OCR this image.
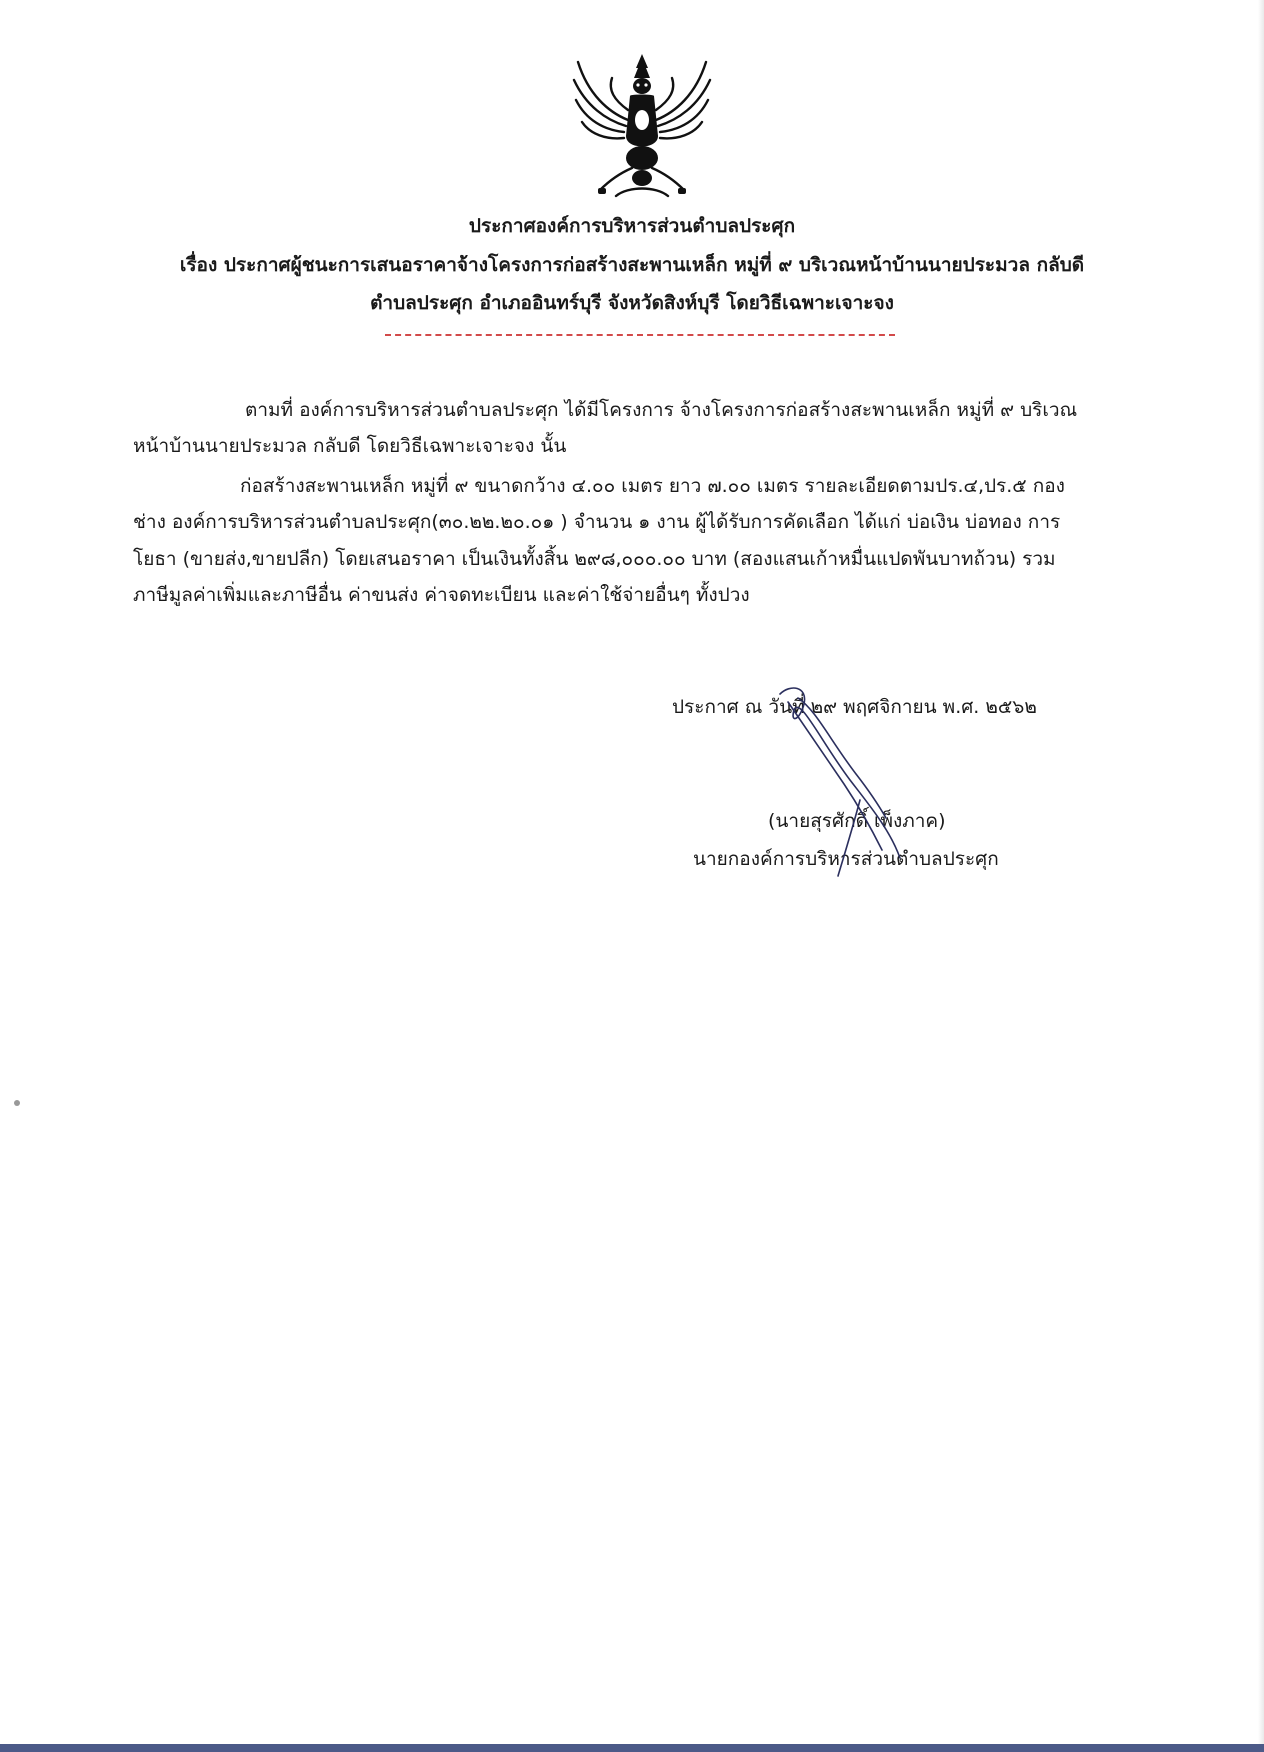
ประกาศองค์การบริหารส่วนตำบลประศุก
เรื่อง ประกาศผู้ชนะการเสนอราคาจ้างโครงการก่อสร้างสะพานเหล็ก หมู่ที่ ๙ บริเวณหน้าบ้านนายประมวล กลับดี
ตำบลประศุก อำเภออินทร์บุรี จังหวัดสิงห์บุรี โดยวิธีเฉพาะเจาะจง
ตามที่ องค์การบริหารส่วนตำบลประศุก ได้มีโครงการ จ้างโครงการก่อสร้างสะพานเหล็ก หมู่ที่ ๙ บริเวณ
หน้าบ้านนายประมวล กลับดี โดยวิธีเฉพาะเจาะจง นั้น
ก่อสร้างสะพานเหล็ก หมู่ที่ ๙ ขนาดกว้าง ๔.๐๐ เมตร ยาว ๗.๐๐ เมตร รายละเอียดตามปร.๔,ปร.๕ กอง
ช่าง องค์การบริหารส่วนตำบลประศุก(๓๐.๒๒.๒๐.๐๑ ) จำนวน ๑ งาน ผู้ได้รับการคัดเลือก ได้แก่ บ่อเงิน บ่อทอง การ
โยธา (ขายส่ง,ขายปลีก) โดยเสนอราคา เป็นเงินทั้งสิ้น ๒๙๘,๐๐๐.๐๐ บาท (สองแสนเก้าหมื่นแปดพันบาทถ้วน) รวม
ภาษีมูลค่าเพิ่มและภาษีอื่น ค่าขนส่ง ค่าจดทะเบียน และค่าใช้จ่ายอื่นๆ ทั้งปวง
ประกาศ ณ วันที่ ๒๙ พฤศจิกายน พ.ศ. ๒๕๖๒
(นายสุรศักดิ์ เพ็งภาค)
นายกองค์การบริหารส่วนตำบลประศุก
